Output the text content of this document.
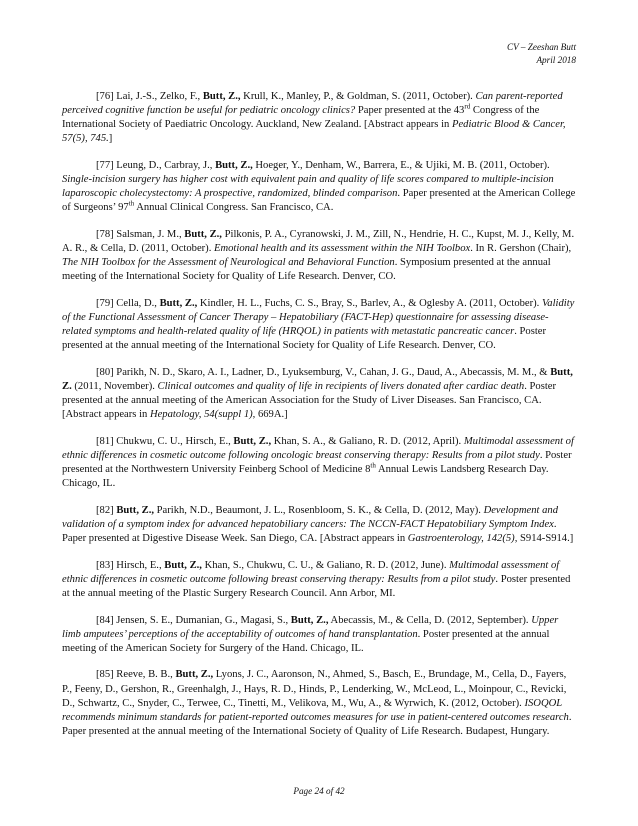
CV – Zeeshan Butt
April 2018

[76] Lai, J.-S., Zelko, F., Butt, Z., Krull, K., Manley, P., & Goldman, S. (2011, October). Can parent-reported perceived cognitive function be useful for pediatric oncology clinics? Paper presented at the 43rd Congress of the International Society of Paediatric Oncology. Auckland, New Zealand. [Abstract appears in Pediatric Blood & Cancer, 57(5), 745.]

[77] Leung, D., Carbray, J., Butt, Z., Hoeger, Y., Denham, W., Barrera, E., & Ujiki, M. B. (2011, October). Single-incision surgery has higher cost with equivalent pain and quality of life scores compared to multiple-incision laparoscopic cholecystectomy: A prospective, randomized, blinded comparison. Paper presented at the American College of Surgeons’ 97th Annual Clinical Congress. San Francisco, CA.

[78] Salsman, J. M., Butt, Z., Pilkonis, P. A., Cyranowski, J. M., Zill, N., Hendrie, H. C., Kupst, M. J., Kelly, M. A. R., & Cella, D. (2011, October). Emotional health and its assessment within the NIH Toolbox. In R. Gershon (Chair), The NIH Toolbox for the Assessment of Neurological and Behavioral Function. Symposium presented at the annual meeting of the International Society for Quality of Life Research. Denver, CO.

[79] Cella, D., Butt, Z., Kindler, H. L., Fuchs, C. S., Bray, S., Barlev, A., & Oglesby A. (2011, October). Validity of the Functional Assessment of Cancer Therapy – Hepatobiliary (FACT-Hep) questionnaire for assessing disease-related symptoms and health-related quality of life (HRQOL) in patients with metastatic pancreatic cancer. Poster presented at the annual meeting of the International Society for Quality of Life Research. Denver, CO.

[80] Parikh, N. D., Skaro, A. I., Ladner, D., Lyuksemburg, V., Cahan, J. G., Daud, A., Abecassis, M. M., & Butt, Z. (2011, November). Clinical outcomes and quality of life in recipients of livers donated after cardiac death. Poster presented at the annual meeting of the American Association for the Study of Liver Diseases. San Francisco, CA. [Abstract appears in Hepatology, 54(suppl 1), 669A.]

[81] Chukwu, C. U., Hirsch, E., Butt, Z., Khan, S. A., & Galiano, R. D. (2012, April). Multimodal assessment of ethnic differences in cosmetic outcome following oncologic breast conserving therapy: Results from a pilot study. Poster presented at the Northwestern University Feinberg School of Medicine 8th Annual Lewis Landsberg Research Day. Chicago, IL.

[82] Butt, Z., Parikh, N.D., Beaumont, J. L., Rosenbloom, S. K., & Cella, D. (2012, May). Development and validation of a symptom index for advanced hepatobiliary cancers: The NCCN-FACT Hepatobiliary Symptom Index. Paper presented at Digestive Disease Week. San Diego, CA. [Abstract appears in Gastroenterology, 142(5), S914-S914.]

[83] Hirsch, E., Butt, Z., Khan, S., Chukwu, C. U., & Galiano, R. D. (2012, June). Multimodal assessment of ethnic differences in cosmetic outcome following breast conserving therapy: Results from a pilot study. Poster presented at the annual meeting of the Plastic Surgery Research Council. Ann Arbor, MI.

[84] Jensen, S. E., Dumanian, G., Magasi, S., Butt, Z., Abecassis, M., & Cella, D. (2012, September). Upper limb amputees’ perceptions of the acceptability of outcomes of hand transplantation. Poster presented at the annual meeting of the American Society for Surgery of the Hand. Chicago, IL.

[85] Reeve, B. B., Butt, Z., Lyons, J. C., Aaronson, N., Ahmed, S., Basch, E., Brundage, M., Cella, D., Fayers, P., Feeny, D., Gershon, R., Greenhalgh, J., Hays, R. D., Hinds, P., Lenderking, W., McLeod, L., Moinpour, C., Revicki, D., Schwartz, C., Snyder, C., Terwee, C., Tinetti, M., Velikova, M., Wu, A., & Wyrwich, K. (2012, October). ISOQOL recommends minimum standards for patient-reported outcomes measures for use in patient-centered outcomes research. Paper presented at the annual meeting of the International Society of Quality of Life Research. Budapest, Hungary.

Page 24 of 42
